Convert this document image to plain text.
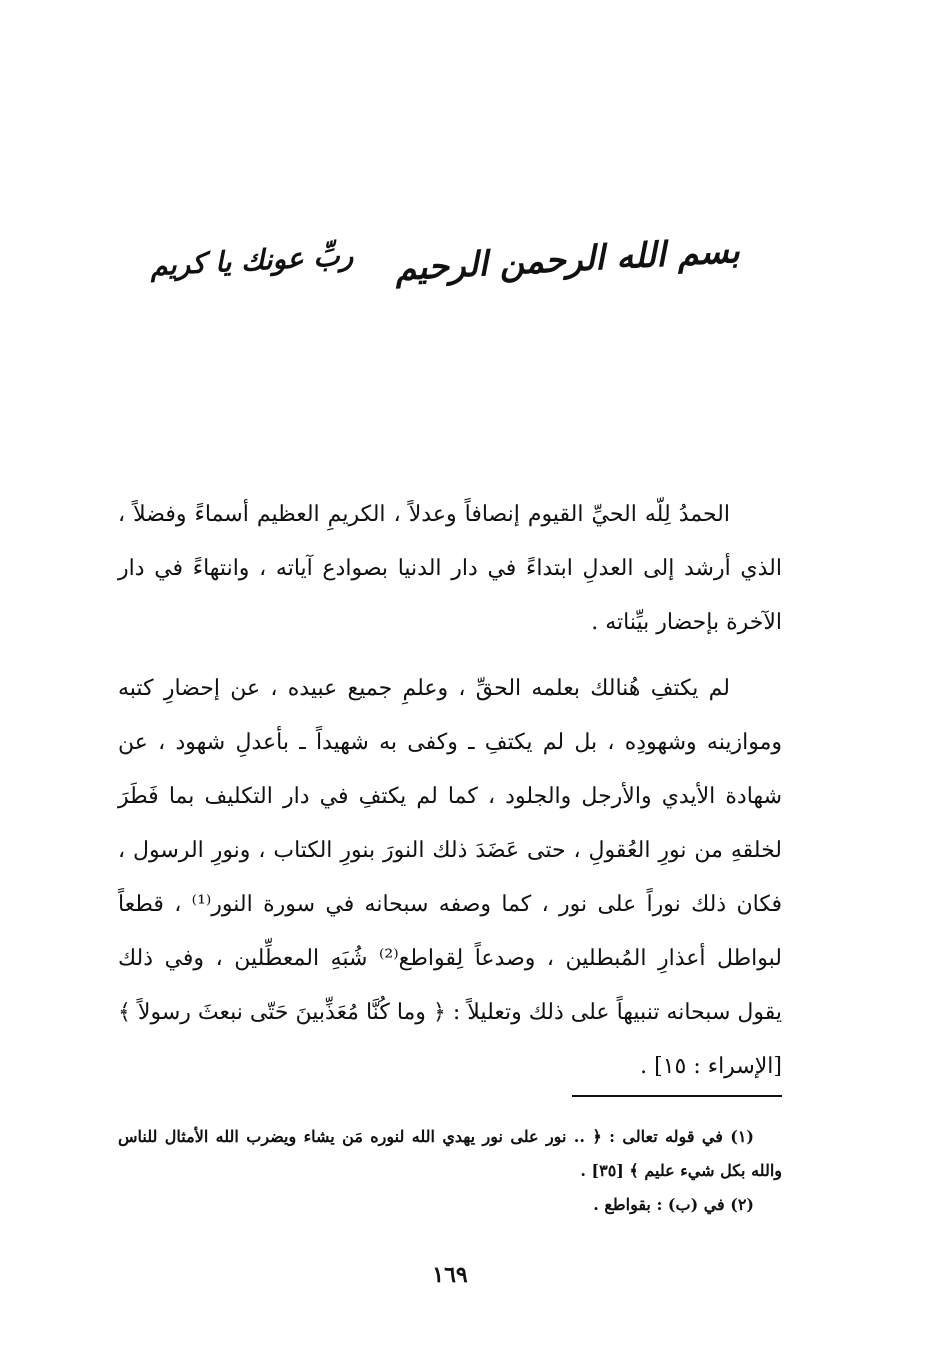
بسم الله الرحمن الرحيم
ربِّ عونك يا كريم

الحمدُ لِلّه الحيِّ القيوم إنصافاً وعدلاً ، الكريمِ العظيم أسماءً وفضلاً ، الذي أرشد إلى العدلِ ابتداءً في دار الدنيا بصوادع آياته ، وانتهاءً في دار الآخرة بإحضار بيِّناته .

لم يكتفِ هُنالك بعلمه الحقِّ ، وعلمِ جميع عبيده ، عن إحضارِ كتبه وموازينه وشهودِه ، بل لم يكتفِ ـ وكفى به شهيداً ـ بأعدلِ شهود ، عن شهادة الأيدي والأرجل والجلود ، كما لم يكتفِ في دار التكليف بما فَطَرَ لخلقهِ من نورِ العُقولِ ، حتى عَضَدَ ذلك النورَ بنورِ الكتاب ، ونورِ الرسول ، فكان ذلك نوراً على نور ، كما وصفه سبحانه في سورة النور⁽¹⁾ ، قطعاً لبواطل أعذارِ المُبطلين ، وصدعاً لِقواطع⁽²⁾ شُبَهِ المعطِّلين ، وفي ذلك يقول سبحانه تنبيهاً على ذلك وتعليلاً : ﴿ وما كُنَّا مُعَذِّبينَ حَتّى نبعثَ رسولاً ﴾ [الإسراء : ١٥] .

(١) في قوله تعالى : ﴿ .. نور على نور يهدي الله لنوره مَن يشاء ويضرب الله الأمثال للناس والله بكل شيء عليم ﴾ [٣٥] .

(٢) في (ب) : بقواطع .

١٦٩
